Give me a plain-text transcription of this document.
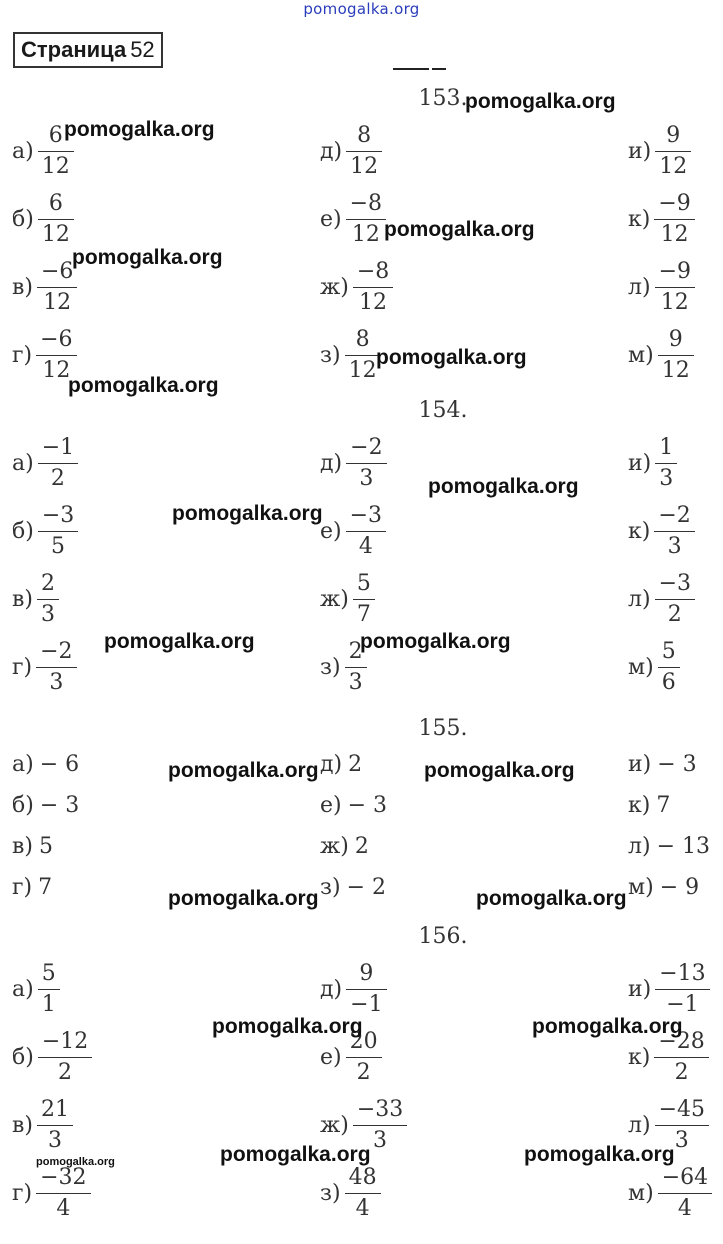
pomogalka.org
Страница 52
153.
$а) \frac{6}{12}$	$д) \frac{8}{12}$	$и) \frac{9}{12}$
$б) \frac{6}{12}$	$е) \frac{-8}{12}$	$к) \frac{-9}{12}$
$в) \frac{-6}{12}$	$ж) \frac{-8}{12}$	$л) \frac{-9}{12}$
$г) \frac{-6}{12}$	$з) \frac{8}{12}$	$м) \frac{9}{12}$
154.
$а) \frac{-1}{2}$	$д) \frac{-2}{3}$	$и) \frac{1}{3}$
$б) \frac{-3}{5}$	$е) \frac{-3}{4}$	$к) \frac{-2}{3}$
$в) \frac{2}{3}$	$ж) \frac{5}{7}$	$л) \frac{-3}{2}$
$г) \frac{-2}{3}$	$з) \frac{2}{3}$	$м) \frac{5}{6}$
155.
а) − 6	д) 2	и) − 3
б) − 3	е) − 3	к) 7
в) 5	ж) 2	л) − 13
г) 7	з) − 2	м) − 9
156.
$а) \frac{5}{1}$	$д) \frac{9}{-1}$	$и) \frac{-13}{-1}$
$б) \frac{-12}{2}$	$е) \frac{20}{2}$	$к) \frac{-28}{2}$
$в) \frac{21}{3}$	$ж) \frac{-33}{3}$	$л) \frac{-45}{3}$
$г) \frac{-32}{4}$	$з) \frac{48}{4}$	$м) \frac{-64}{4}$
pomogalka.org
pomogalka.org
pomogalka.org
pomogalka.org
pomogalka.org
pomogalka.org
pomogalka.org
pomogalka.org
pomogalka.org	pomogalka.org
pomogalka.org	pomogalka.org
pomogalka.org	pomogalka.org
pomogalka.org	pomogalka.org
pomogalka.org	pomogalka.org
pomogalka.org
